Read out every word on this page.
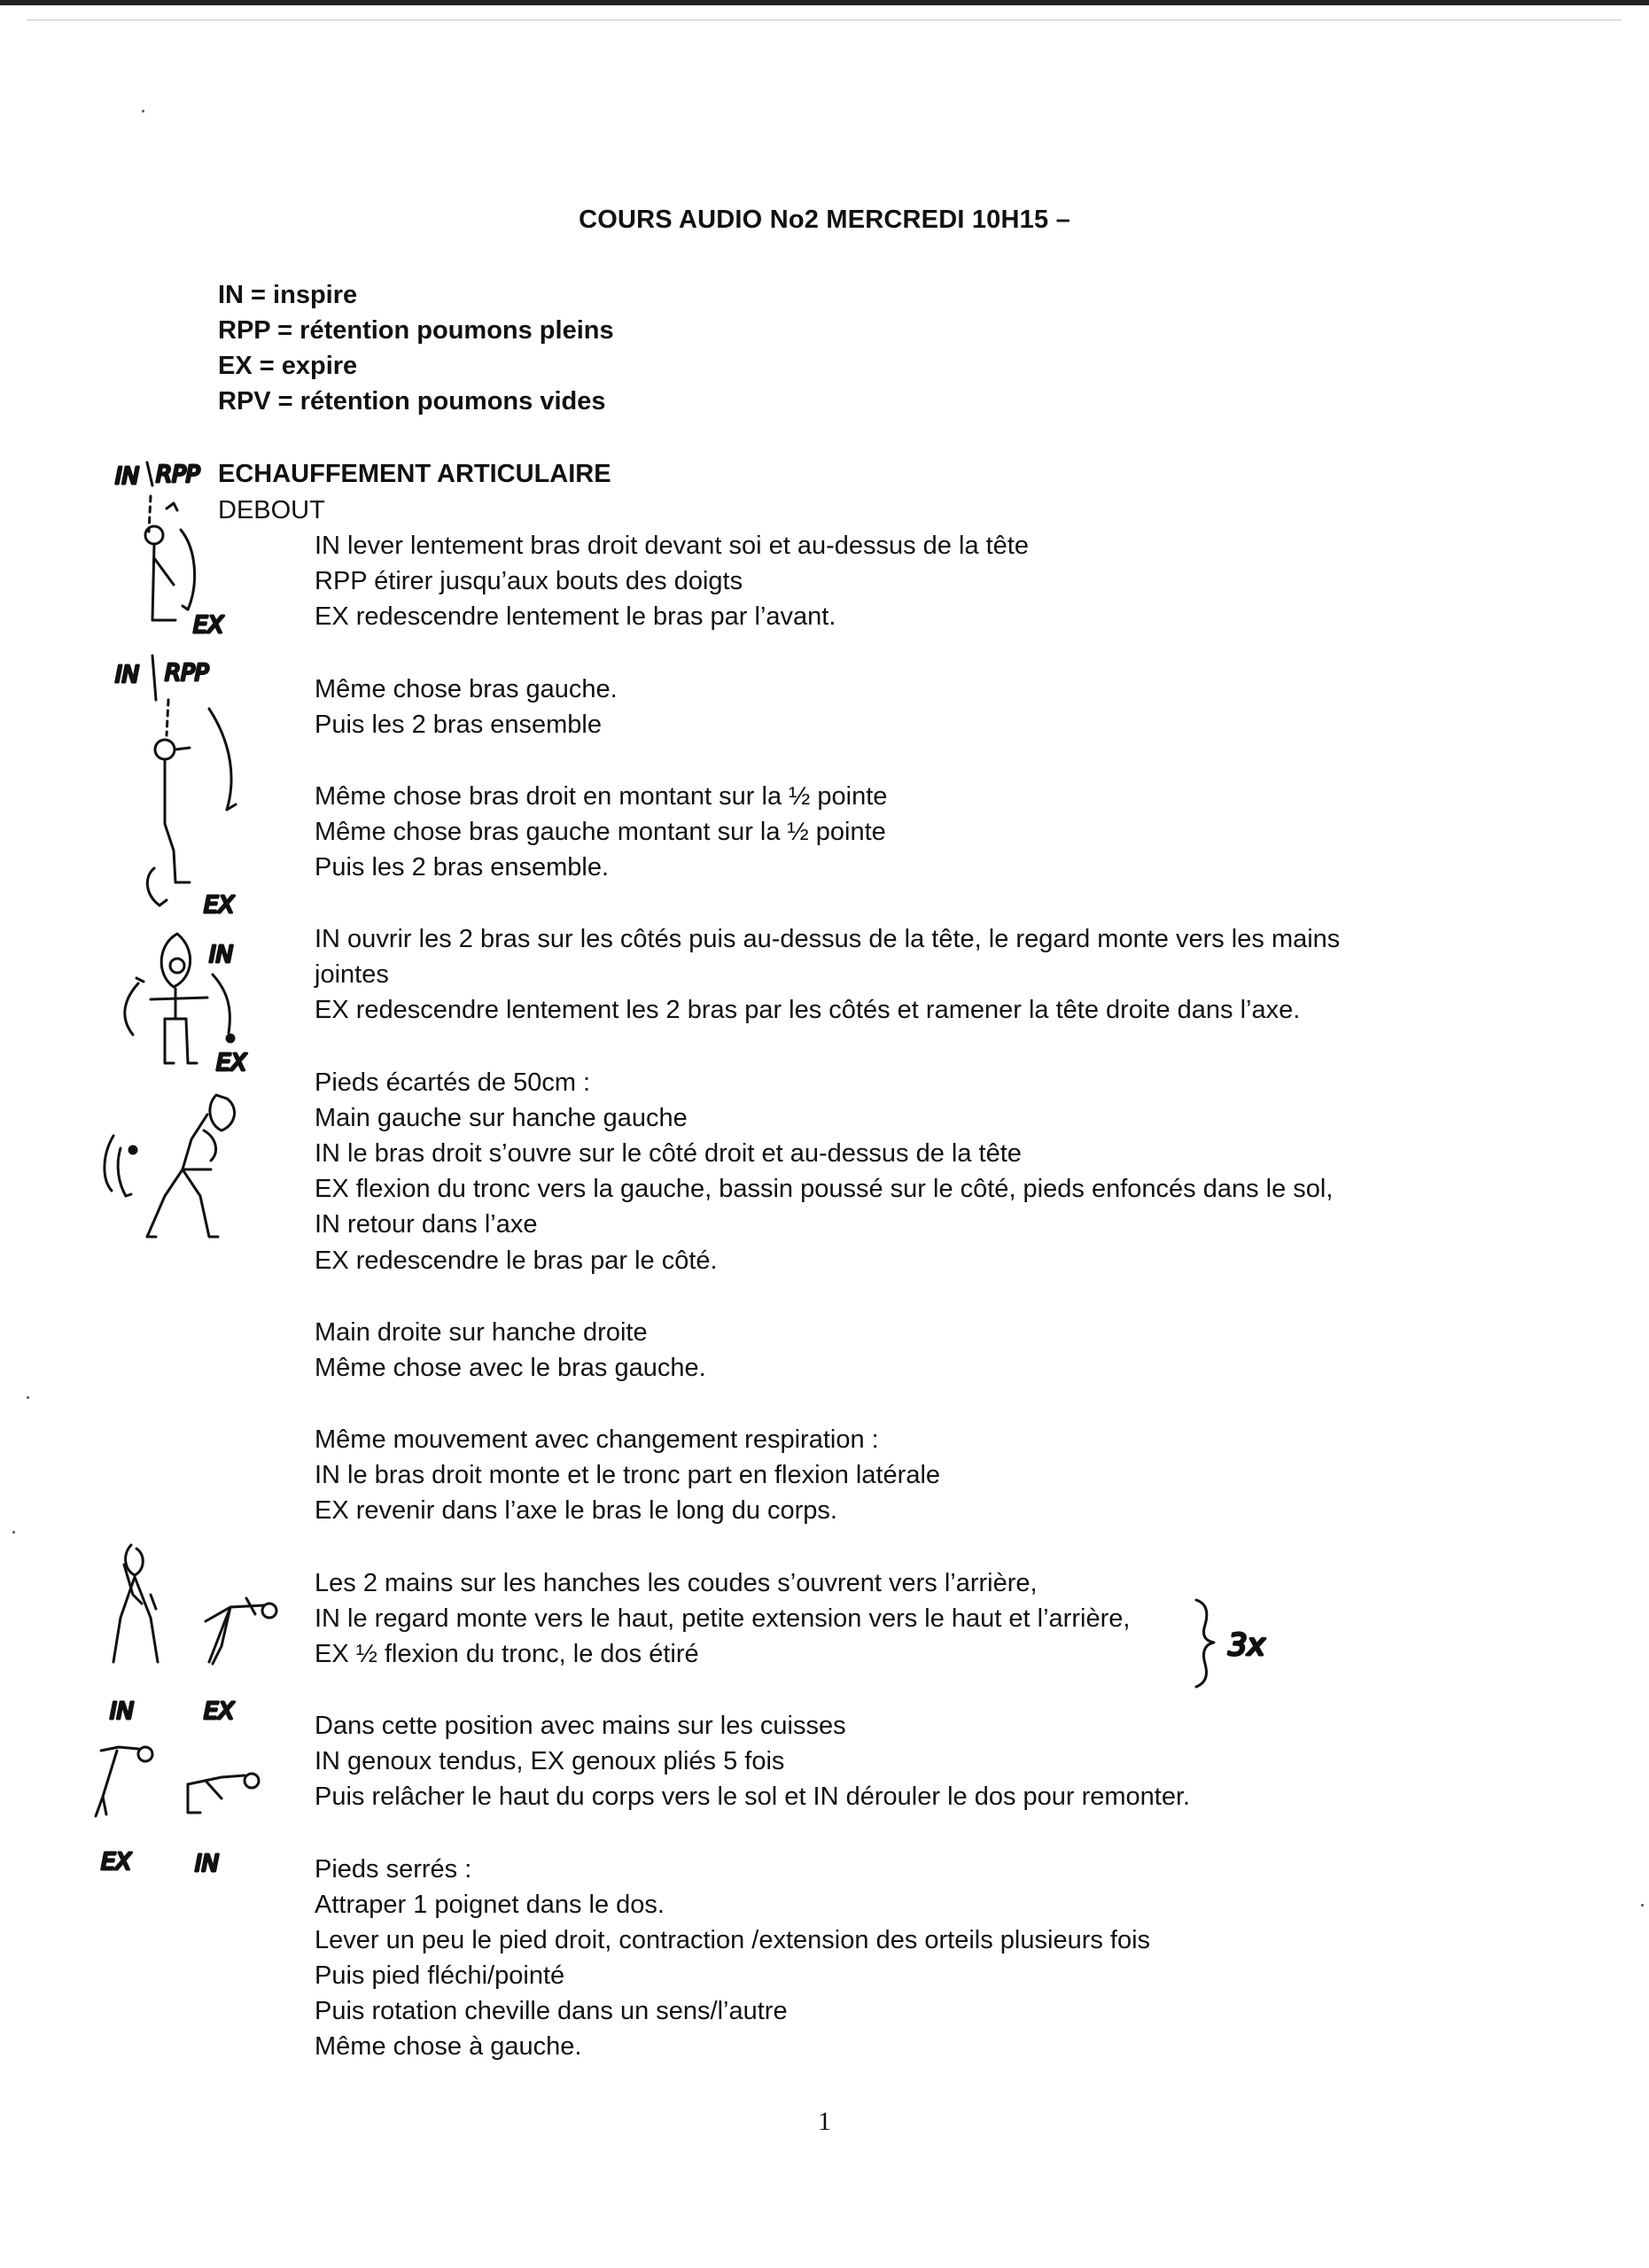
COURS AUDIO No2 MERCREDI 10H15 –
IN = inspire
RPP = rétention poumons pleins
EX = expire
RPV = rétention poumons vides
ECHAUFFEMENT ARTICULAIRE
DEBOUT
IN lever lentement bras droit devant soi et au-dessus de la tête
RPP étirer jusqu’aux bouts des doigts
EX redescendre lentement le bras par l’avant.
Même chose bras gauche.
Puis les 2 bras ensemble
Même chose bras droit en montant sur la ½ pointe
Même chose bras gauche montant sur la ½ pointe
Puis les 2 bras ensemble.
IN ouvrir les 2 bras sur les côtés puis au-dessus de la tête, le regard monte vers les mains
jointes
EX redescendre lentement les 2 bras par les côtés et ramener la tête droite dans l’axe.
Pieds écartés de 50cm :
Main gauche sur hanche gauche
IN le bras droit s’ouvre sur le côté droit et au-dessus de la tête
EX flexion du tronc vers la gauche, bassin poussé sur le côté, pieds enfoncés dans le sol,
IN retour dans l’axe
EX redescendre le bras par le côté.
Main droite sur hanche droite
Même chose avec le bras gauche.
Même mouvement avec changement respiration :
IN le bras droit monte et le tronc part en flexion latérale
EX revenir dans l’axe le bras le long du corps.
Les 2 mains sur les hanches les coudes s’ouvrent vers l’arrière,
IN le regard monte vers le haut, petite extension vers le haut et l’arrière,
EX ½ flexion du tronc, le dos étiré
Dans cette position avec mains sur les cuisses
IN genoux tendus, EX genoux pliés 5 fois
Puis relâcher le haut du corps vers le sol et IN dérouler le dos pour remonter.
Pieds serrés :
Attraper 1 poignet dans le dos.
Lever un peu le pied droit, contraction /extension des orteils plusieurs fois
Puis pied fléchi/pointé
Puis rotation cheville dans un sens/l’autre
Même chose à gauche.
1
IN RPP
EX
IN RPP
EX
IN
EX
IN	EX
3x
EX	IN
